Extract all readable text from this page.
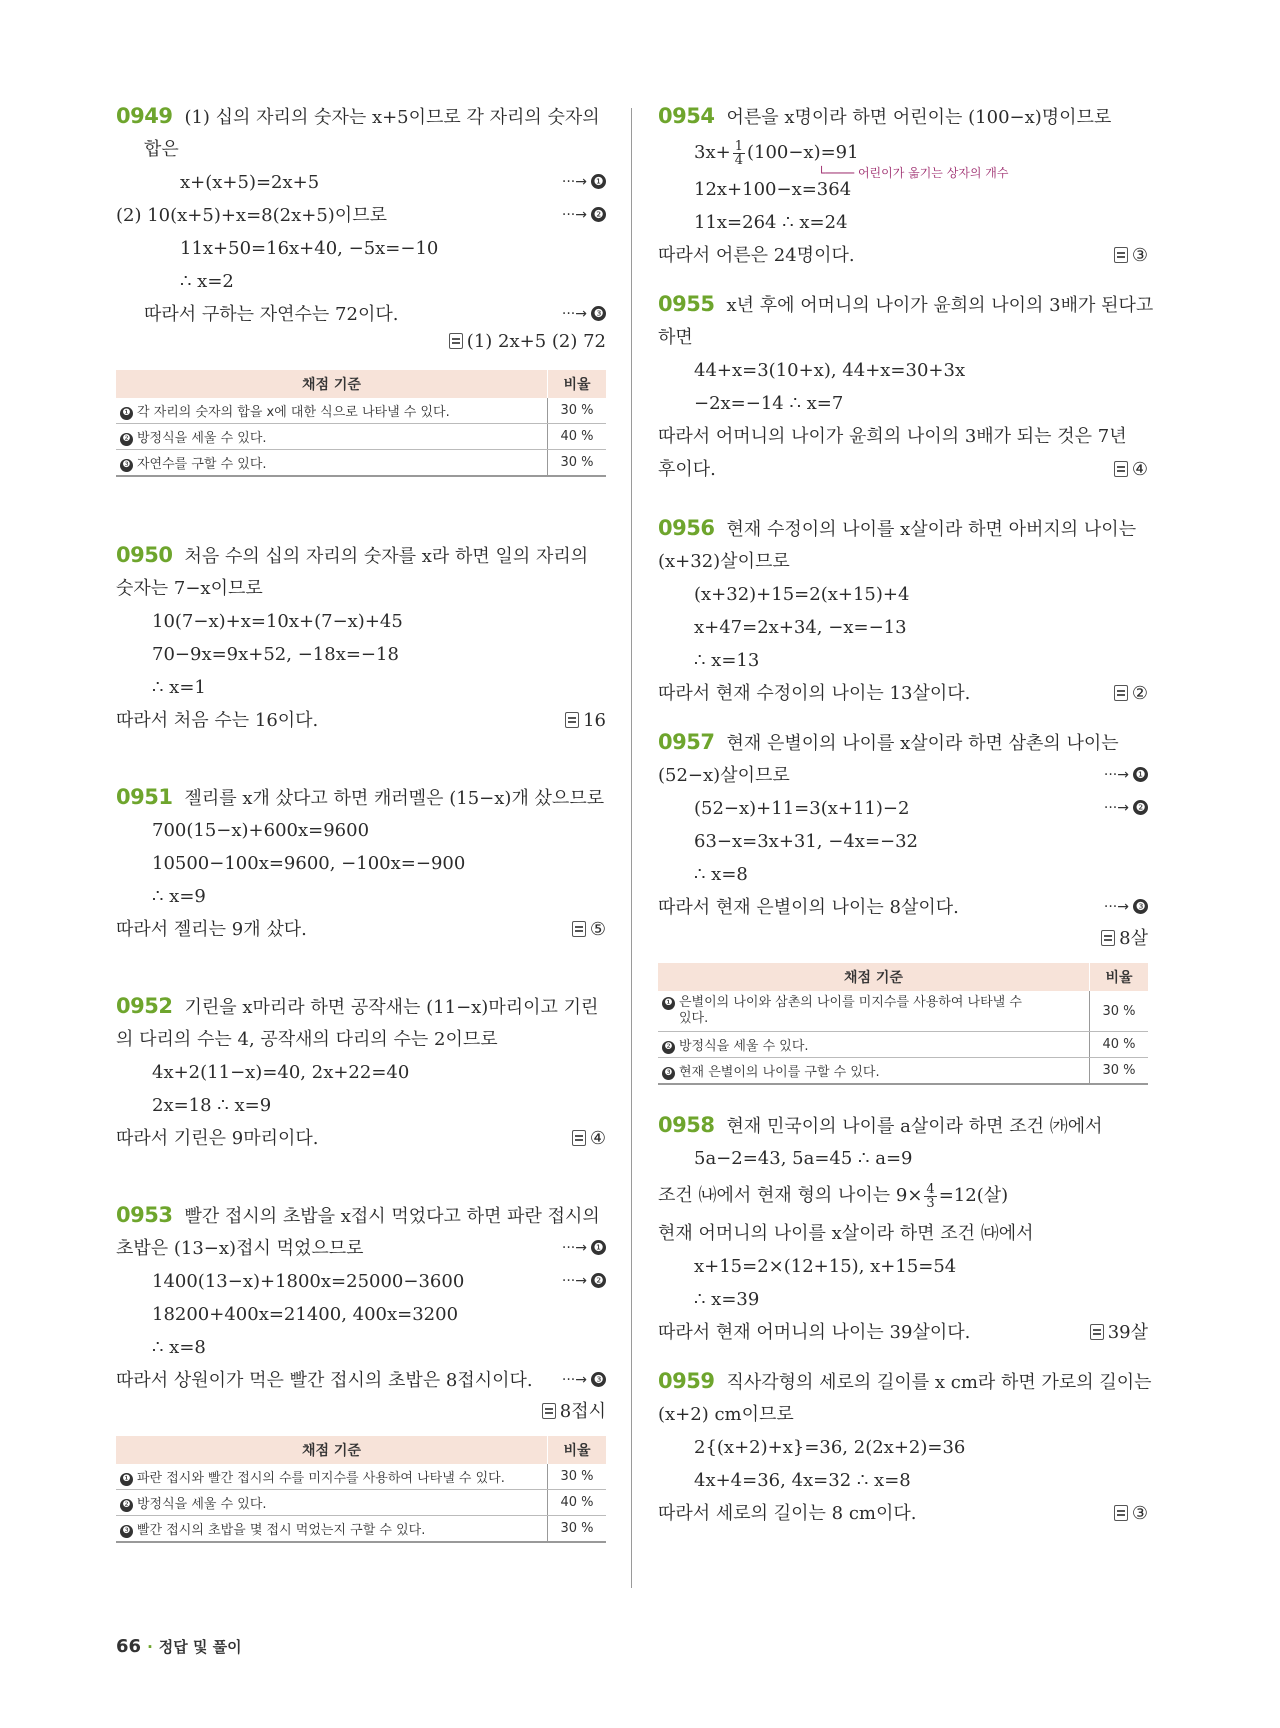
0949 (1) 십의 자리의 숫자는 x+5이므로 각 자리의 숫자의
합은
x+(x+5)=2x+5	···→ ❶
(2) 10(x+5)+x=8(2x+5)이므로	···→ ❷
11x+50=16x+40, −5x=−10
∴ x=2
따라서 구하는 자연수는 72이다.	···→ ❸
(1) 2x+5 (2) 72
채점 기준	비율
❶ 각 자리의 숫자의 합을 x에 대한 식으로 나타낼 수 있다.	30 %
❷ 방정식을 세울 수 있다.	40 %
❸ 자연수를 구할 수 있다.	30 %
0950 처음 수의 십의 자리의 숫자를 x라 하면 일의 자리의
숫자는 7−x이므로
10(7−x)+x=10x+(7−x)+45
70−9x=9x+52, −18x=−18
∴ x=1
따라서 처음 수는 16이다.	16
0951 젤리를 x개 샀다고 하면 캐러멜은 (15−x)개 샀으므로
700(15−x)+600x=9600
10500−100x=9600, −100x=−900
∴ x=9
따라서 젤리는 9개 샀다.	⑤
0952 기린을 x마리라 하면 공작새는 (11−x)마리이고 기린
의 다리의 수는 4, 공작새의 다리의 수는 2이므로
4x+2(11−x)=40, 2x+22=40
2x=18 ∴ x=9
따라서 기린은 9마리이다.	④
0953 빨간 접시의 초밥을 x접시 먹었다고 하면 파란 접시의
초밥은 (13−x)접시 먹었으므로	···→ ❶
1400(13−x)+1800x=25000−3600	···→ ❷
18200+400x=21400, 400x=3200
∴ x=8
따라서 상원이가 먹은 빨간 접시의 초밥은 8접시이다. ···→ ❸
8접시
채점 기준	비율
❶ 파란 접시와 빨간 접시의 수를 미지수를 사용하여 나타낼 수 있다.	30 %
❷ 방정식을 세울 수 있다.	40 %
❸ 빨간 접시의 초밥을 몇 접시 먹었는지 구할 수 있다.	30 %
0954 어른을 x명이라 하면 어린이는 (100−x)명이므로
$3x+ \frac{1}{4} (100-x)=91$
└──── 어린이가 옮기는 상자의 개수
12x+100−x=364
11x=264 ∴ x=24
따라서 어른은 24명이다.	③
0955 x년 후에 어머니의 나이가 윤희의 나이의 3배가 된다고
하면
44+x=3(10+x), 44+x=30+3x
−2x=−14 ∴ x=7
따라서 어머니의 나이가 윤희의 나이의 3배가 되는 것은 7년
후이다.	④
0956 현재 수정이의 나이를 x살이라 하면 아버지의 나이는
(x+32)살이므로
(x+32)+15=2(x+15)+4
x+47=2x+34, −x=−13
∴ x=13
따라서 현재 수정이의 나이는 13살이다.	②
0957 현재 은별이의 나이를 x살이라 하면 삼촌의 나이는
(52−x)살이므로	···→ ❶
(52−x)+11=3(x+11)−2	···→ ❷
63−x=3x+31, −4x=−32
∴ x=8
따라서 현재 은별이의 나이는 8살이다.	···→ ❸
8살
채점 기준	비율
❶ 은별이의 나이와 삼촌의 나이를 미지수를 사용하여 나타낼 수
있다.	30 %
❷ 방정식을 세울 수 있다.	40 %
❸ 현재 은별이의 나이를 구할 수 있다.	30 %
0958 현재 민국이의 나이를 a살이라 하면 조건 ㈎에서
5a−2=43, 5a=45 ∴ a=9
조건 ㈏에서 현재 형의 나이는 $9\times \frac{4}{3} =12$(살)
현재 어머니의 나이를 x살이라 하면 조건 ㈐에서
x+15=2×(12+15), x+15=54
∴ x=39
따라서 현재 어머니의 나이는 39살이다.	39살
0959 직사각형의 세로의 길이를 x cm라 하면 가로의 길이는
(x+2) cm이므로
2{(x+2)+x}=36, 2(2x+2)=36
4x+4=36, 4x=32 ∴ x=8
따라서 세로의 길이는 8 cm이다.	③
66 · 정답 및 풀이
